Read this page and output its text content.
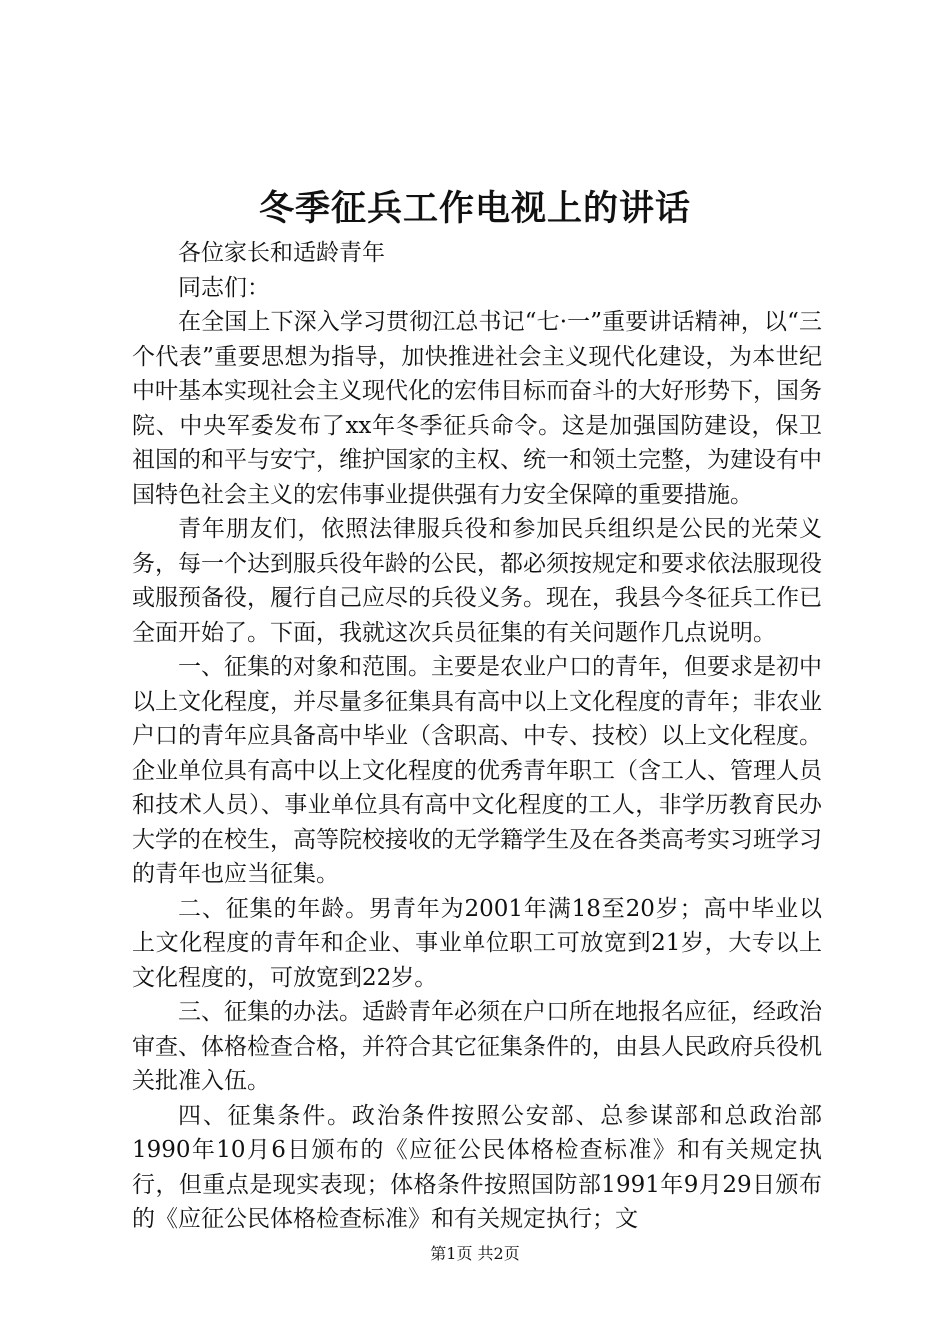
冬季征兵工作电视上的讲话

各位家长和适龄青年

同志们：

在全国上下深入学习贯彻江总书记“七·一”重要讲话精神，以“三个代表”重要思想为指导，加快推进社会主义现代化建设，为本世纪中叶基本实现社会主义现代化的宏伟目标而奋斗的大好形势下，国务院、中央军委发布了xx年冬季征兵命令。这是加强国防建设，保卫祖国的和平与安宁，维护国家的主权、统一和领土完整，为建设有中国特色社会主义的宏伟事业提供强有力安全保障的重要措施。

青年朋友们，依照法律服兵役和参加民兵组织是公民的光荣义务，每一个达到服兵役年龄的公民，都必须按规定和要求依法服现役或服预备役，履行自己应尽的兵役义务。现在，我县今冬征兵工作已全面开始了。下面，我就这次兵员征集的有关问题作几点说明。

一、征集的对象和范围。主要是农业户口的青年，但要求是初中以上文化程度，并尽量多征集具有高中以上文化程度的青年；非农业户口的青年应具备高中毕业（含职高、中专、技校）以上文化程度。企业单位具有高中以上文化程度的优秀青年职工（含工人、管理人员和技术人员）、事业单位具有高中文化程度的工人，非学历教育民办大学的在校生，高等院校接收的无学籍学生及在各类高考实习班学习的青年也应当征集。

二、征集的年龄。男青年为2001年满18至20岁；高中毕业以上文化程度的青年和企业、事业单位职工可放宽到21岁，大专以上文化程度的，可放宽到22岁。

三、征集的办法。适龄青年必须在户口所在地报名应征，经政治审查、体格检查合格，并符合其它征集条件的，由县人民政府兵役机关批准入伍。

四、征集条件。政治条件按照公安部、总参谋部和总政治部1990年10月6日颁布的《应征公民体格检查标准》和有关规定执行，但重点是现实表现；体格条件按照国防部1991年9月29日颁布的《应征公民体格检查标准》和有关规定执行；文

第1页 共2页
